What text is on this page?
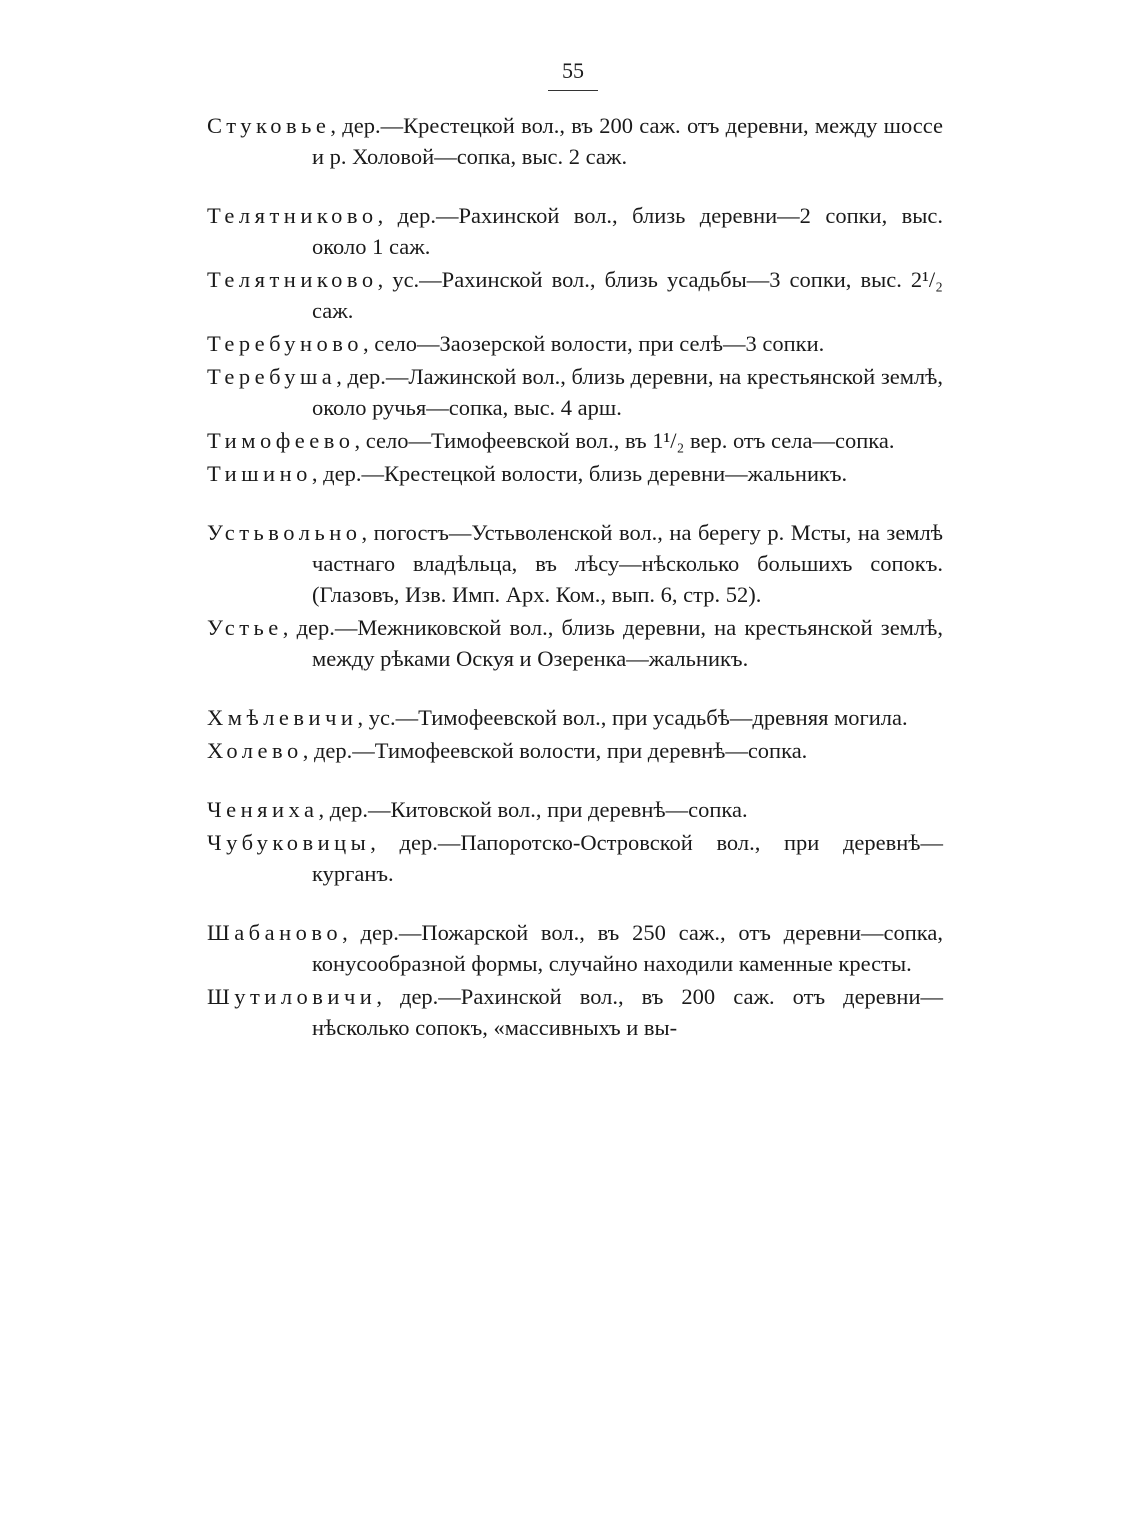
55

Стуковье, дер.—Крестецкой вол., въ 200 саж. отъ деревни, между шоссе и р. Холовой—сопка, выс. 2 саж.

Телятниково, дер.—Рахинской вол., близь деревни—2 сопки, выс. около 1 саж.

Телятниково, ус.—Рахинской вол., близь усадьбы—3 сопки, выс. 2¹/₂ саж.

Теребуново, село—Заозерской волости, при селѣ—3 сопки.

Теребуша, дер.—Лажинской вол., близь деревни, на крестьянской землѣ, около ручья—сопка, выс. 4 арш.

Тимофеево, село—Тимофеевской вол., въ 1¹/₂ вер. отъ села—сопка.

Тишино, дер.—Крестецкой волости, близь деревни—жальникъ.

Устьвольно, погостъ—Устьволенской вол., на берегу р. Мсты, на землѣ частнаго владѣльца, въ лѣсу—нѣсколько большихъ сопокъ. (Глазовъ, Изв. Имп. Арх. Ком., вып. 6, стр. 52).

Устье, дер.—Межниковской вол., близь деревни, на крестьянской землѣ, между рѣками Оскуя и Озеренка—жальникъ.

Хмѣлевичи, ус.—Тимофеевской вол., при усадьбѣ—древняя могила.

Холево, дер.—Тимофеевской волости, при деревнѣ—сопка.

Ченяиха, дер.—Китовской вол., при деревнѣ—сопка.

Чубуковицы, дер.—Папоротско-Островской вол., при деревнѣ—курганъ.

Шабаново, дер.—Пожарской вол., въ 250 саж., отъ деревни—сопка, конусообразной формы, случайно находили каменные кресты.

Шутиловичи, дер.—Рахинской вол., въ 200 саж. отъ деревни—нѣсколько сопокъ, «массивныхъ и вы-
